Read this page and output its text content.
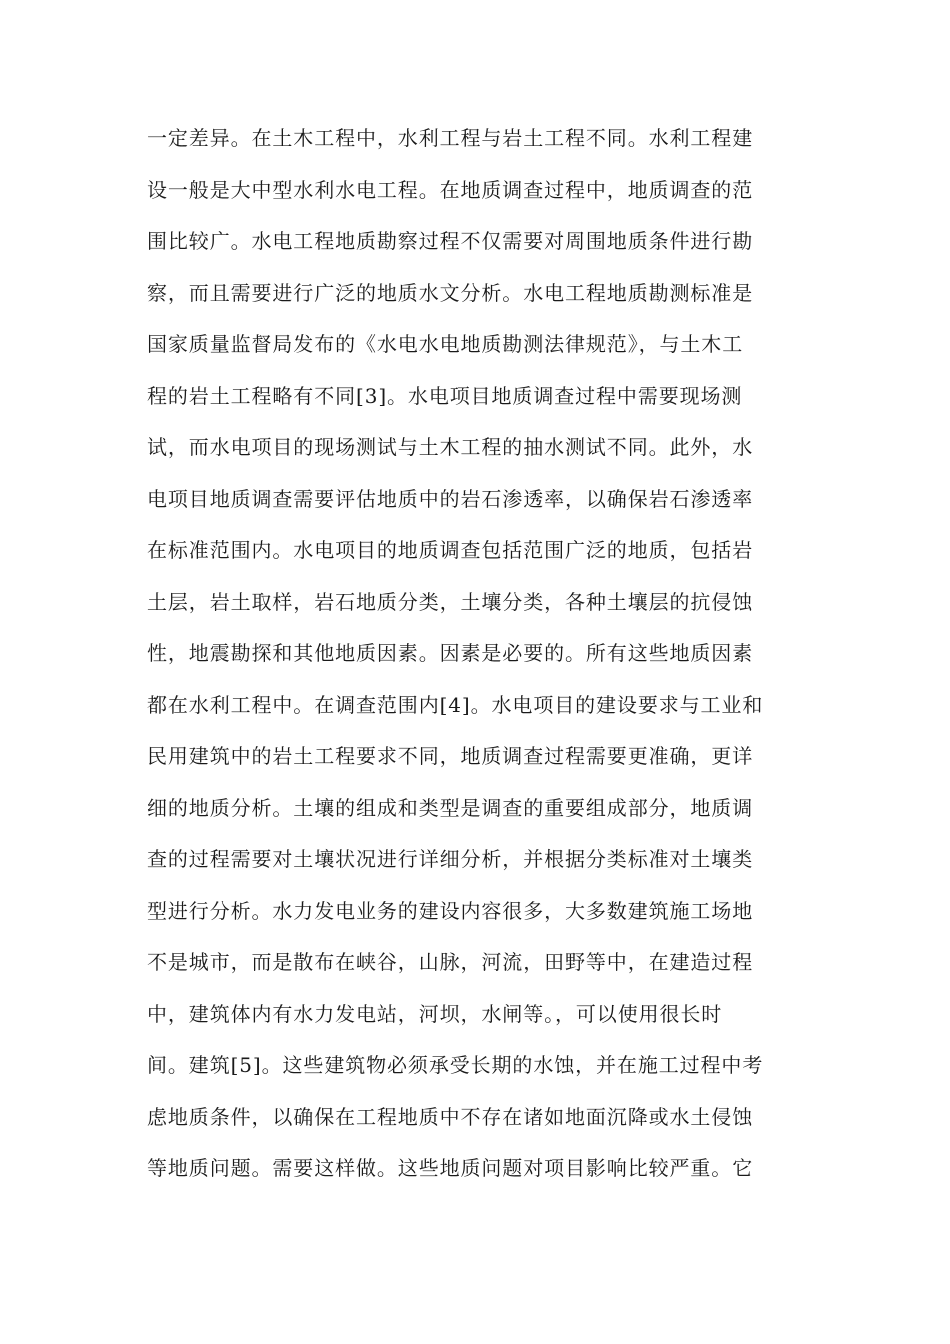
一定差异。在土木工程中，水利工程与岩土工程不同。水利工程建
设一般是大中型水利水电工程。在地质调查过程中，地质调查的范
围比较广。水电工程地质勘察过程不仅需要对周围地质条件进行勘
察，而且需要进行广泛的地质水文分析。水电工程地质勘测标准是
国家质量监督局发布的《水电水电地质勘测法律规范》，与土木工
程的岩土工程略有不同[3]。水电项目地质调查过程中需要现场测
试，而水电项目的现场测试与土木工程的抽水测试不同。此外，水
电项目地质调查需要评估地质中的岩石渗透率，以确保岩石渗透率
在标准范围内。水电项目的地质调查包括范围广泛的地质，包括岩
土层，岩土取样，岩石地质分类，土壤分类，各种土壤层的抗侵蚀
性，地震勘探和其他地质因素。因素是必要的。所有这些地质因素
都在水利工程中。在调查范围内[4]。水电项目的建设要求与工业和
民用建筑中的岩土工程要求不同，地质调查过程需要更准确，更详
细的地质分析。土壤的组成和类型是调查的重要组成部分，地质调
查的过程需要对土壤状况进行详细分析，并根据分类标准对土壤类
型进行分析。水力发电业务的建设内容很多，大多数建筑施工场地
不是城市，而是散布在峡谷，山脉，河流，田野等中，在建造过程
中，建筑体内有水力发电站，河坝，水闸等。，可以使用很长时
间。建筑[5]。这些建筑物必须承受长期的水蚀，并在施工过程中考
虑地质条件，以确保在工程地质中不存在诸如地面沉降或水土侵蚀
等地质问题。需要这样做。这些地质问题对项目影响比较严重。它
